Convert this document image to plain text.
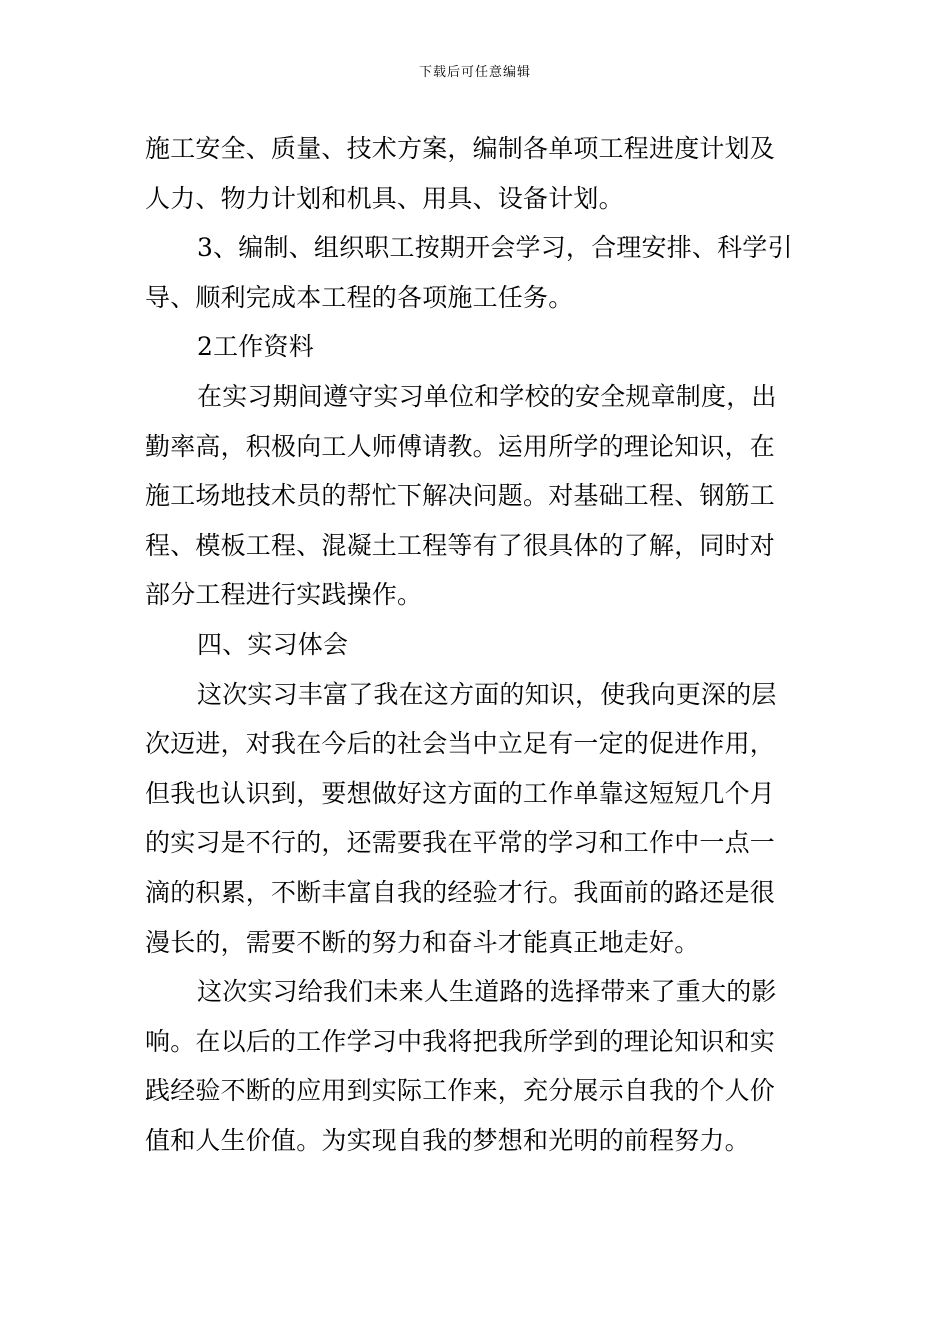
下载后可任意编辑
施工安全、质量、技术方案，编制各单项工程进度计划及
人力、物力计划和机具、用具、设备计划。
3、编制、组织职工按期开会学习，合理安排、科学引
导、顺利完成本工程的各项施工任务。
2工作资料
在实习期间遵守实习单位和学校的安全规章制度，出
勤率高，积极向工人师傅请教。运用所学的理论知识，在
施工场地技术员的帮忙下解决问题。对基础工程、钢筋工
程、模板工程、混凝土工程等有了很具体的了解，同时对
部分工程进行实践操作。
四、实习体会
这次实习丰富了我在这方面的知识，使我向更深的层
次迈进，对我在今后的社会当中立足有一定的促进作用，
但我也认识到，要想做好这方面的工作单靠这短短几个月
的实习是不行的，还需要我在平常的学习和工作中一点一
滴的积累，不断丰富自我的经验才行。我面前的路还是很
漫长的，需要不断的努力和奋斗才能真正地走好。
这次实习给我们未来人生道路的选择带来了重大的影
响。在以后的工作学习中我将把我所学到的理论知识和实
践经验不断的应用到实际工作来，充分展示自我的个人价
值和人生价值。为实现自我的梦想和光明的前程努力。
